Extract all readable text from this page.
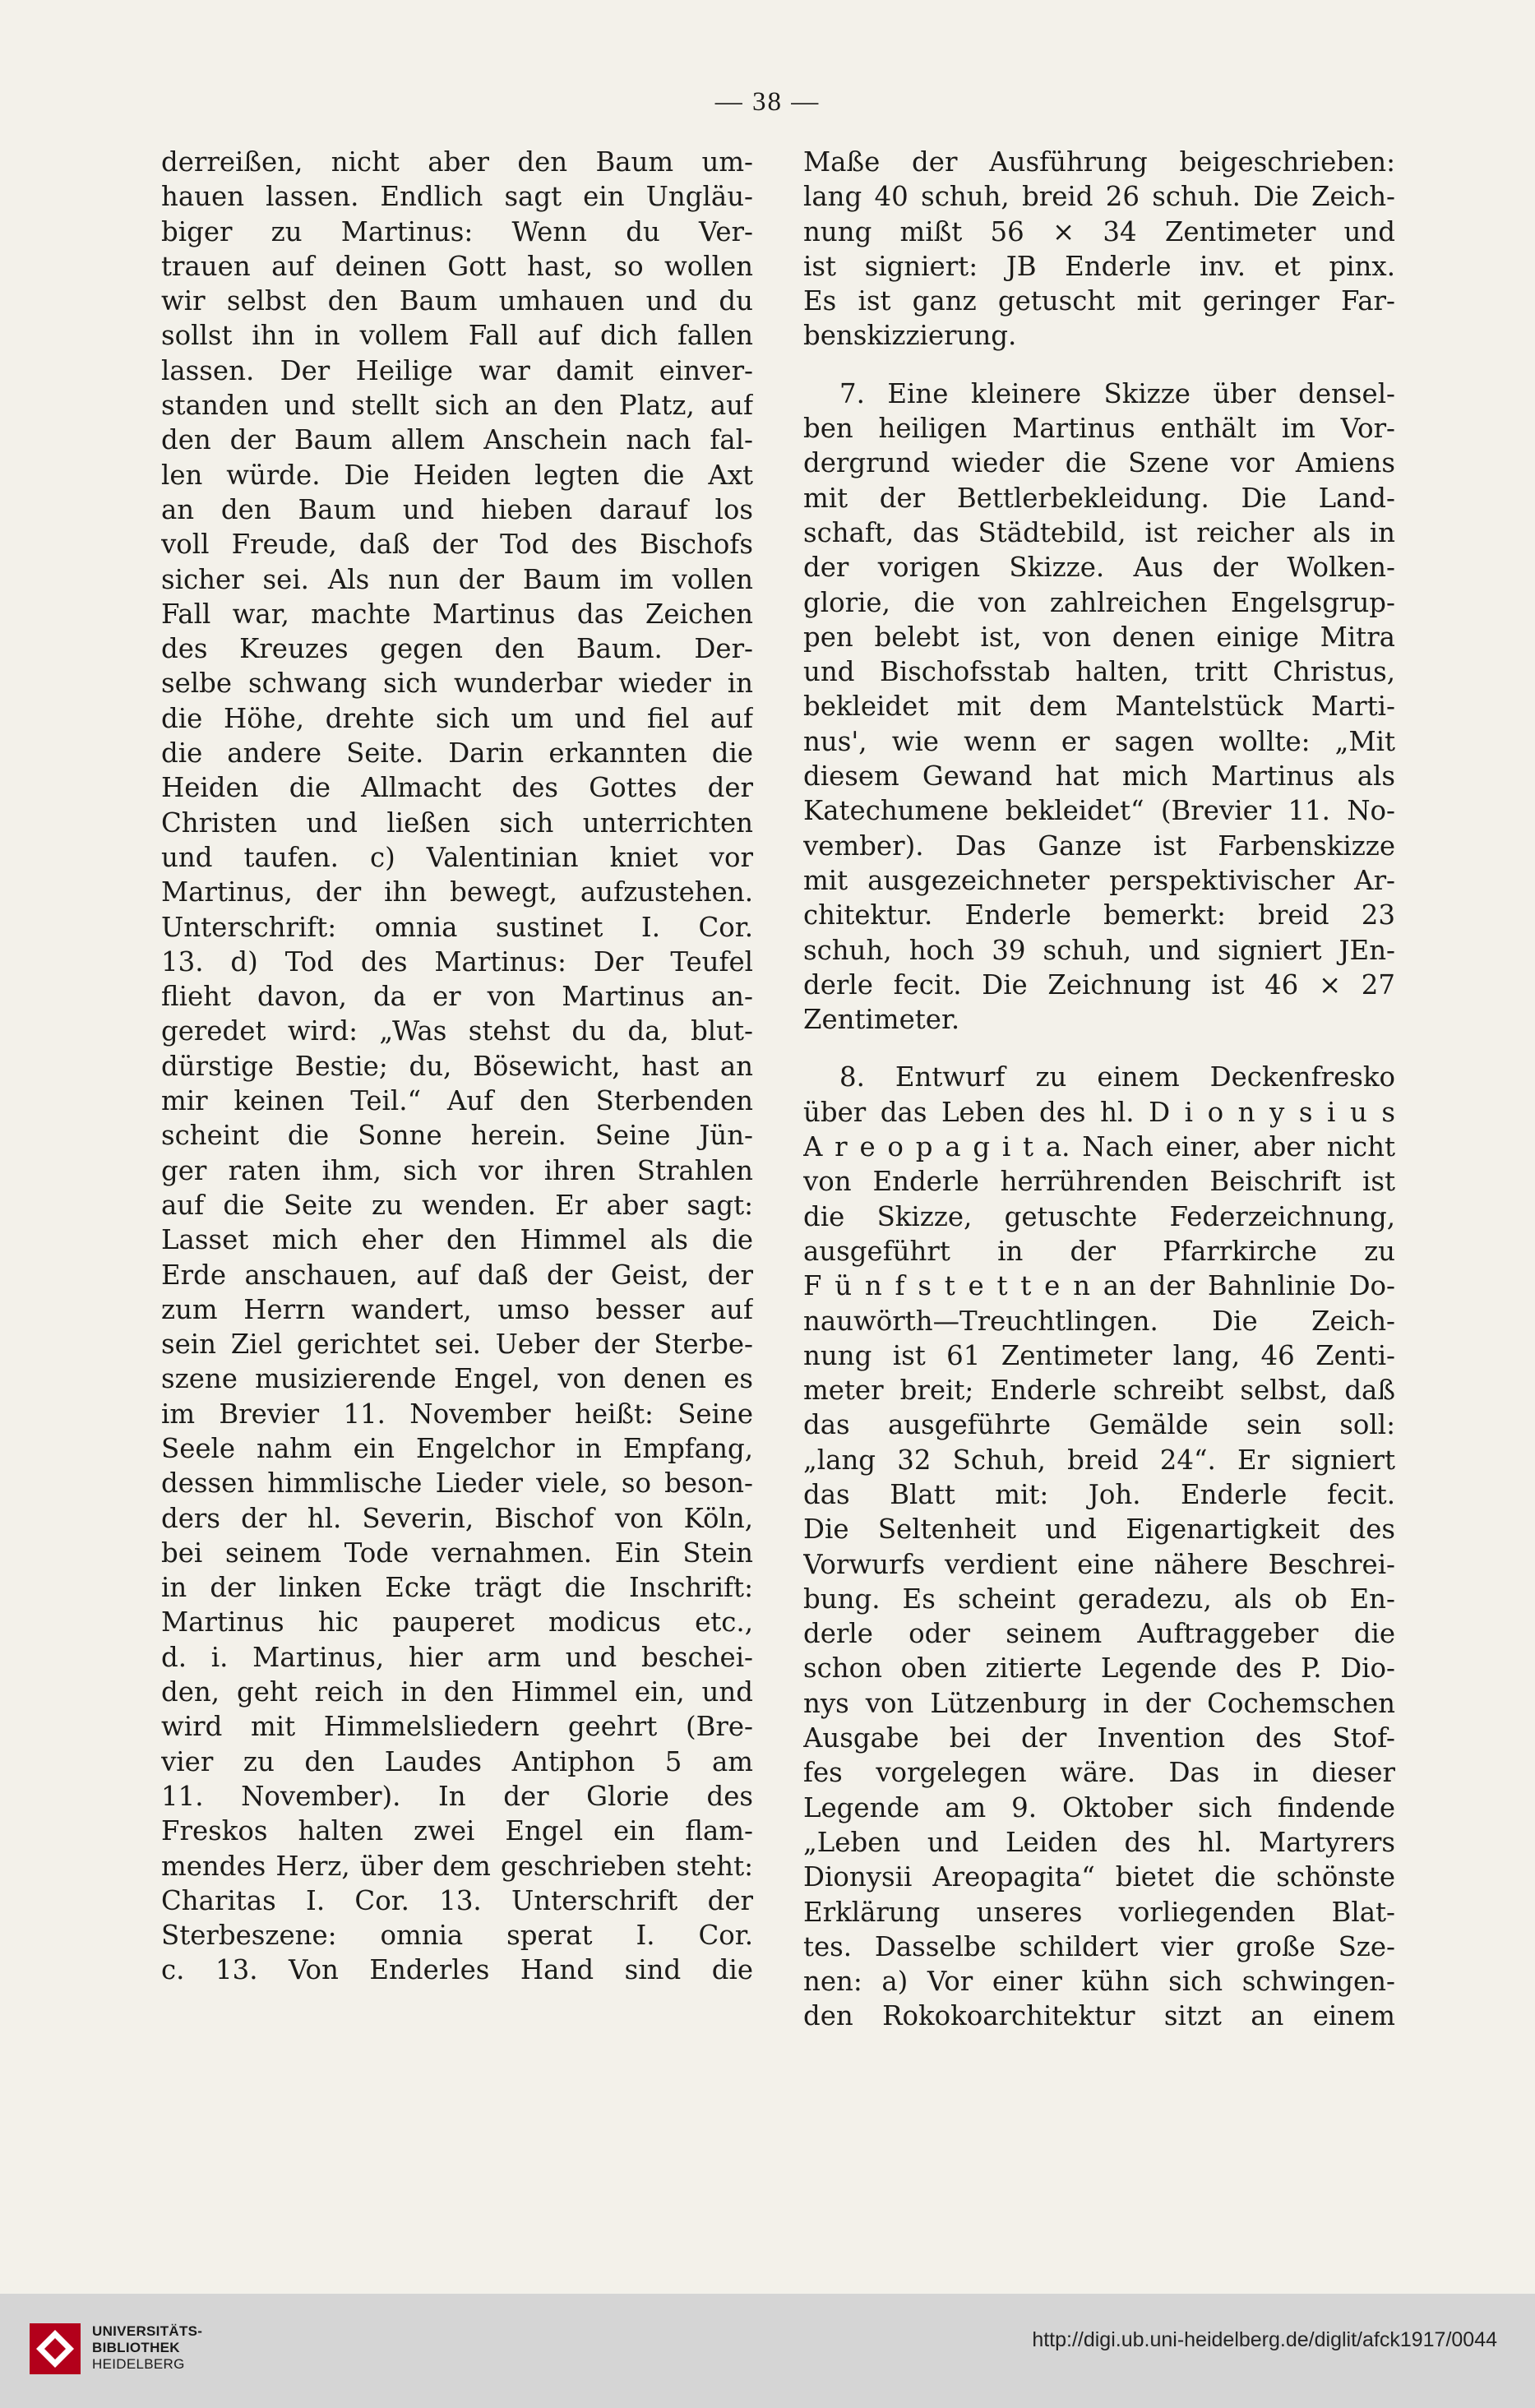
— 38 —
derreißen, nicht aber den Baum um-
hauen lassen. Endlich sagt ein Ungläu-
biger zu Martinus: Wenn du Ver-
trauen auf deinen Gott hast, so wollen
wir selbst den Baum umhauen und du
sollst ihn in vollem Fall auf dich fallen
lassen. Der Heilige war damit einver-
standen und stellt sich an den Platz, auf
den der Baum allem Anschein nach fal-
len würde. Die Heiden legten die Axt
an den Baum und hieben darauf los
voll Freude, daß der Tod des Bischofs
sicher sei. Als nun der Baum im vollen
Fall war, machte Martinus das Zeichen
des Kreuzes gegen den Baum. Der-
selbe schwang sich wunderbar wieder in
die Höhe, drehte sich um und fiel auf
die andere Seite. Darin erkannten die
Heiden die Allmacht des Gottes der
Christen und ließen sich unterrichten
und taufen. c) Valentinian kniet vor
Martinus, der ihn bewegt, aufzustehen.
Unterschrift: omnia sustinet I. Cor.
13. d) Tod des Martinus: Der Teufel
flieht davon, da er von Martinus an-
geredet wird: „Was stehst du da, blut-
dürstige Bestie; du, Bösewicht, hast an
mir keinen Teil.“ Auf den Sterbenden
scheint die Sonne herein. Seine Jün-
ger raten ihm, sich vor ihren Strahlen
auf die Seite zu wenden. Er aber sagt:
Lasset mich eher den Himmel als die
Erde anschauen, auf daß der Geist, der
zum Herrn wandert, umso besser auf
sein Ziel gerichtet sei. Ueber der Sterbe-
szene musizierende Engel, von denen es
im Brevier 11. November heißt: Seine
Seele nahm ein Engelchor in Empfang,
dessen himmlische Lieder viele, so beson-
ders der hl. Severin, Bischof von Köln,
bei seinem Tode vernahmen. Ein Stein
in der linken Ecke trägt die Inschrift:
Martinus hic pauperet modicus etc.,
d. i. Martinus, hier arm und beschei-
den, geht reich in den Himmel ein, und
wird mit Himmelsliedern geehrt (Bre-
vier zu den Laudes Antiphon 5 am
11. November). In der Glorie des
Freskos halten zwei Engel ein flam-
mendes Herz, über dem geschrieben steht:
Charitas I. Cor. 13. Unterschrift der
Sterbeszene: omnia sperat I. Cor.
c. 13. Von Enderles Hand sind die
Maße der Ausführung beigeschrieben:
lang 40 schuh, breid 26 schuh. Die Zeich-
nung mißt 56 × 34 Zentimeter und
ist signiert: JB Enderle inv. et pinx.
Es ist ganz getuscht mit geringer Far-
benskizzierung.
7. Eine kleinere Skizze über densel-
ben heiligen Martinus enthält im Vor-
dergrund wieder die Szene vor Amiens
mit der Bettlerbekleidung. Die Land-
schaft, das Städtebild, ist reicher als in
der vorigen Skizze. Aus der Wolken-
glorie, die von zahlreichen Engelsgrup-
pen belebt ist, von denen einige Mitra
und Bischofsstab halten, tritt Christus,
bekleidet mit dem Mantelstück Marti-
nus', wie wenn er sagen wollte: „Mit
diesem Gewand hat mich Martinus als
Katechumene bekleidet“ (Brevier 11. No-
vember). Das Ganze ist Farbenskizze
mit ausgezeichneter perspektivischer Ar-
chitektur. Enderle bemerkt: breid 23
schuh, hoch 39 schuh, und signiert JEn-
derle fecit. Die Zeichnung ist 46 × 27
Zentimeter.
8. Entwurf zu einem Deckenfresko
über das Leben des hl. D i o n y s i u s
A r e o p a g i t a. Nach einer, aber nicht
von Enderle herrührenden Beischrift ist
die Skizze, getuschte Federzeichnung,
ausgeführt in der Pfarrkirche zu
F ü n f s t e t t e n an der Bahnlinie Do-
nauwörth—Treuchtlingen. Die Zeich-
nung ist 61 Zentimeter lang, 46 Zenti-
meter breit; Enderle schreibt selbst, daß
das ausgeführte Gemälde sein soll:
„lang 32 Schuh, breid 24“. Er signiert
das Blatt mit: Joh. Enderle fecit.
Die Seltenheit und Eigenartigkeit des
Vorwurfs verdient eine nähere Beschrei-
bung. Es scheint geradezu, als ob En-
derle oder seinem Auftraggeber die
schon oben zitierte Legende des P. Dio-
nys von Lützenburg in der Cochemschen
Ausgabe bei der Invention des Stof-
fes vorgelegen wäre. Das in dieser
Legende am 9. Oktober sich findende
„Leben und Leiden des hl. Martyrers
Dionysii Areopagita“ bietet die schönste
Erklärung unseres vorliegenden Blat-
tes. Dasselbe schildert vier große Sze-
nen: a) Vor einer kühn sich schwingen-
den Rokokoarchitektur sitzt an einem
UNIVERSITÄTS-
BIBLIOTHEK
HEIDELBERG
http://digi.ub.uni-heidelberg.de/diglit/afck1917/0044
